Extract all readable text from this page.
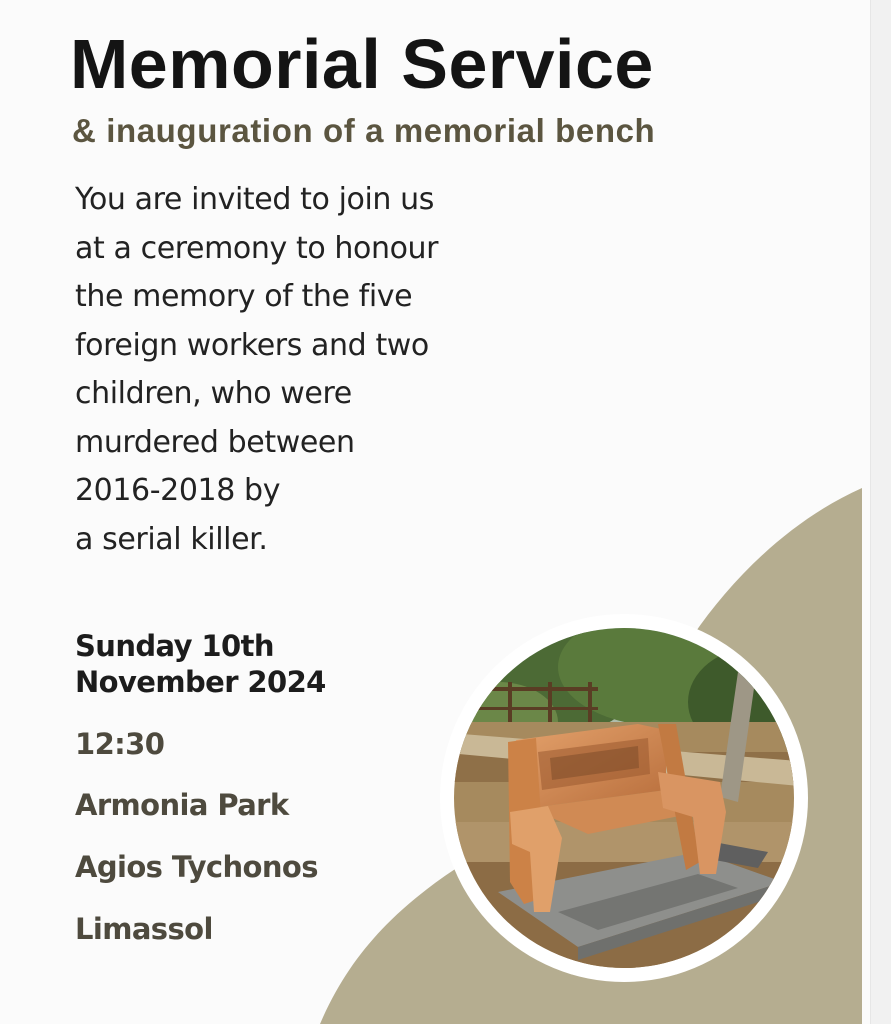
Memorial Service
& inauguration of a memorial bench
You are invited to join us
at a ceremony to honour
the memory of the five
foreign workers and two
children, who were
murdered between
2016-2018 by
a serial killer.
Sunday 10th
November 2024
12:30
Armonia Park
Agios Tychonos
Limassol
